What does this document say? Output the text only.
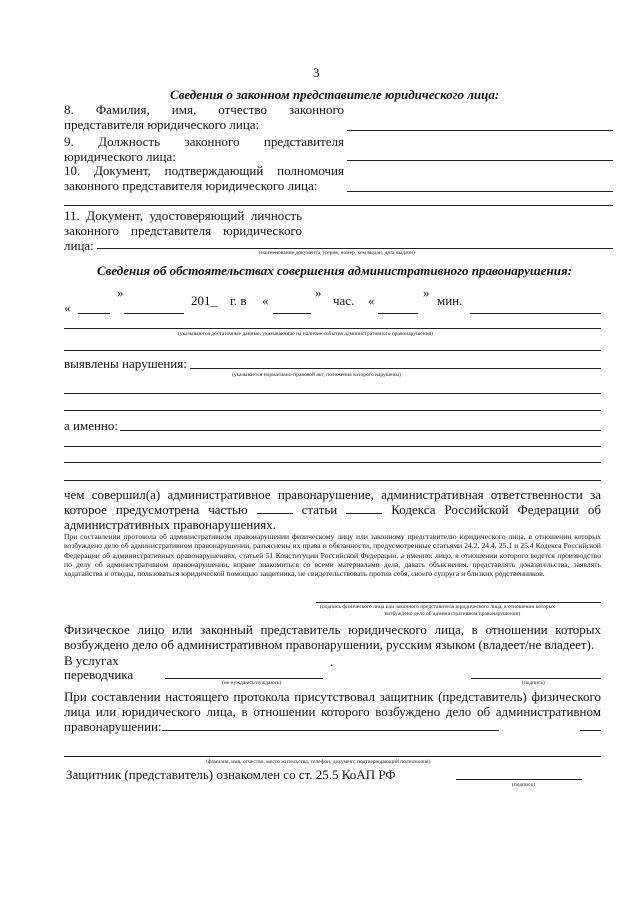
3
Сведения о законном представителе юридического лица:
8. Фамилия, имя, отчество законного
представителя юридического лица:
9. Должность законного представителя
юридического лица:
10. Документ, подтверждающий полномочия
законного представителя юридического лица:
11. Документ, удостоверяющий личность
законного представителя юридического
лица:	(наименование документа, (серия, номер, кем выдан, дата выдачи)
Сведения об обстоятельствах совершения административного правонарушения:
»
«	201_ г. в «
»
час. «
»
мин.
(указываются достаточные данные, указывающие на наличие события административного правонарушения)
выявлены нарушения:
(указывается нормативно-правовой акт, положения которого нарушены)
а именно:
чем совершил(а) административное правонарушение, административная ответственности за
которое предусмотрена частью	статьи	Кодекса Российской Федерации об
административных правонарушениях.
При составлении протокола об административном правонарушении физическому лицу или законному представителю юридического лица, в отношении которых возбуждено дело об административном правонарушении, разъяснены их права и обязанности, предусмотренные статьями 24.2, 24.4, 25.1 и 25.4 Кодекса Российской Федерации об административных правонарушениях, статьей 51 Конституции Российской Федерации, а именно: лицо, в отношении которого ведется производство по делу об административном правонарушении, вправе знакомиться со всеми материалами дела, давать объяснения, представлять доказательства, заявлять ходатайства и отводы, пользоваться юридической помощью защитника, не свидетельствовать против себя, своего супруга и близких родственников.
(подпись физического лица или законного представителя юридического лица, в отношении которых
возбуждено дело об административном правонарушении)
Физическое лицо или законный представитель юридического лица, в отношении которых
возбуждено дело об административном правонарушении, русским языком (владеет/не владеет).
В услугах	.
переводчика
(не нуждаюсь/нуждаюсь)	(подпись)
При составлении настоящего протокола присутствовал защитник (представитель) физического
лица или юридического лица, в отношении которого возбуждено дело об административном
правонарушении:
(фамилия, имя, отчество, место жительства, телефон, документ, подтверждающий полномочия)
Защитник (представитель) ознакомлен со ст. 25.5 КоАП РФ
(подпись)
